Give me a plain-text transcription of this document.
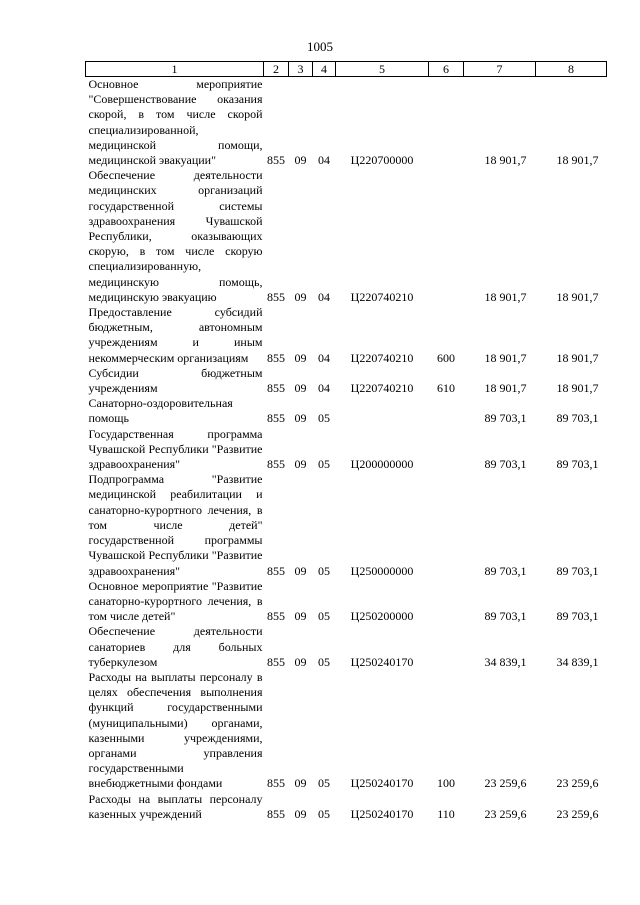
1005
1	2	3	4	5	6	7	8
Основное мероприятие "Совершенствование оказания скорой, в том числе скорой специализированной, медицинской помощи, медицинской эвакуации"	855	09	04	Ц220700000		18 901,7	18 901,7
Обеспечение деятельности медицинских организаций государственной системы здравоохранения Чувашской Республики, оказывающих скорую, в том числе скорую специализированную, медицинскую помощь, медицинскую эвакуацию	855	09	04	Ц220740210		18 901,7	18 901,7
Предоставление субсидий бюджетным, автономным учреждениям и иным некоммерческим организациям	855	09	04	Ц220740210	600	18 901,7	18 901,7
Субсидии бюджетным учреждениям	855	09	04	Ц220740210	610	18 901,7	18 901,7
Санаторно-оздоровительная помощь	855	09	05			89 703,1	89 703,1
Государственная программа Чувашской Республики "Развитие здравоохранения"	855	09	05	Ц200000000		89 703,1	89 703,1
Подпрограмма "Развитие медицинской реабилитации и санаторно-курортного лечения, в том числе детей" государственной программы Чувашской Республики "Развитие здравоохранения"	855	09	05	Ц250000000		89 703,1	89 703,1
Основное мероприятие "Развитие санаторно-курортного лечения, в том числе детей"	855	09	05	Ц250200000		89 703,1	89 703,1
Обеспечение деятельности санаториев для больных туберкулезом	855	09	05	Ц250240170		34 839,1	34 839,1
Расходы на выплаты персоналу в целях обеспечения выполнения функций государственными (муниципальными) органами, казенными учреждениями, органами управления государственными внебюджетными фондами	855	09	05	Ц250240170	100	23 259,6	23 259,6
Расходы на выплаты персоналу казенных учреждений	855	09	05	Ц250240170	110	23 259,6	23 259,6
